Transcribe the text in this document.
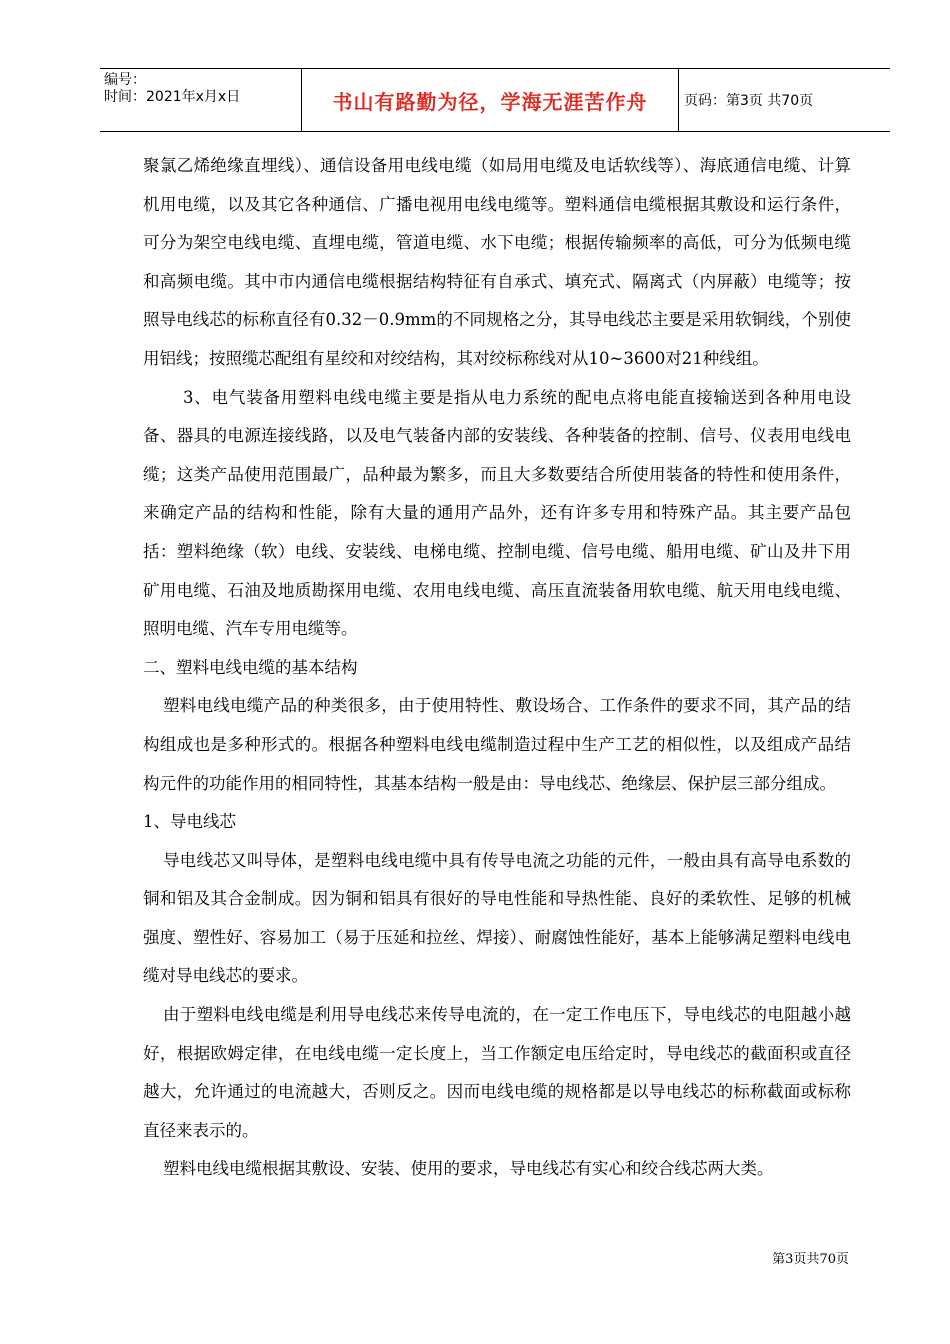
编号：
时间：2021年x月x日	书山有路勤为径，学海无涯苦作舟	页码：第3页 共70页

聚氯乙烯绝缘直埋线）、通信设备用电线电缆（如局用电缆及电话软线等）、海底通信电缆、计算机用电缆，以及其它各种通信、广播电视用电线电缆等。塑料通信电缆根据其敷设和运行条件，可分为架空电线电缆、直埋电缆，管道电缆、水下电缆；根据传输频率的高低，可分为低频电缆和高频电缆。其中市内通信电缆根据结构特征有自承式、填充式、隔离式（内屏蔽）电缆等；按照导电线芯的标称直径有0.32－0.9mm的不同规格之分，其导电线芯主要是采用软铜线，个别使用铝线；按照缆芯配组有星绞和对绞结构，其对绞标称线对从10~3600对21种线组。

3、电气装备用塑料电线电缆主要是指从电力系统的配电点将电能直接输送到各种用电设备、器具的电源连接线路，以及电气装备内部的安装线、各种装备的控制、信号、仪表用电线电缆；这类产品使用范围最广，品种最为繁多，而且大多数要结合所使用装备的特性和使用条件，来确定产品的结构和性能，除有大量的通用产品外，还有许多专用和特殊产品。其主要产品包括：塑料绝缘（软）电线、安装线、电梯电缆、控制电缆、信号电缆、船用电缆、矿山及井下用矿用电缆、石油及地质勘探用电缆、农用电线电缆、高压直流装备用软电缆、航天用电线电缆、照明电缆、汽车专用电缆等。

二、塑料电线电缆的基本结构

塑料电线电缆产品的种类很多，由于使用特性、敷设场合、工作条件的要求不同，其产品的结构组成也是多种形式的。根据各种塑料电线电缆制造过程中生产工艺的相似性，以及组成产品结构元件的功能作用的相同特性，其基本结构一般是由：导电线芯、绝缘层、保护层三部分组成。

1、导电线芯

导电线芯又叫导体，是塑料电线电缆中具有传导电流之功能的元件，一般由具有高导电系数的铜和铝及其合金制成。因为铜和铝具有很好的导电性能和导热性能、良好的柔软性、足够的机械强度、塑性好、容易加工（易于压延和拉丝、焊接）、耐腐蚀性能好，基本上能够满足塑料电线电缆对导电线芯的要求。

由于塑料电线电缆是利用导电线芯来传导电流的，在一定工作电压下，导电线芯的电阻越小越好，根据欧姆定律，在电线电缆一定长度上，当工作额定电压给定时，导电线芯的截面积或直径越大，允许通过的电流越大，否则反之。因而电线电缆的规格都是以导电线芯的标称截面或标称直径来表示的。

塑料电线电缆根据其敷设、安装、使用的要求，导电线芯有实心和绞合线芯两大类。

第3页共70页
